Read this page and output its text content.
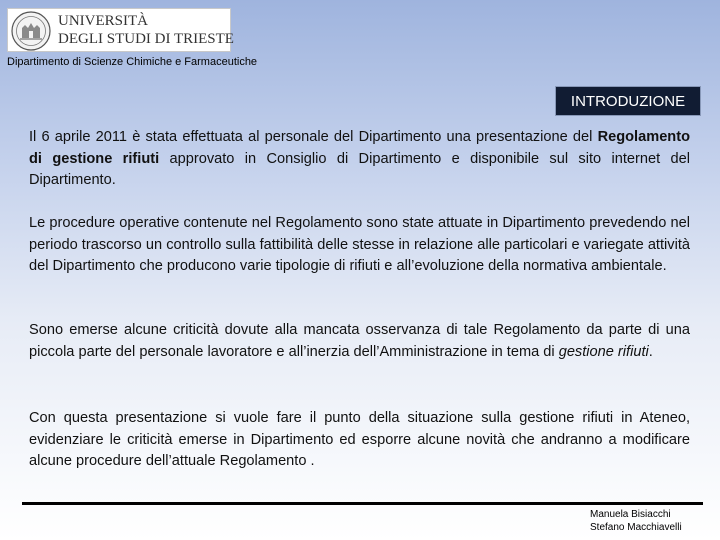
UNIVERSITÀ
DEGLI STUDI DI TRIESTE
Dipartimento di Scienze Chimiche e Farmaceutiche
INTRODUZIONE

Il 6 aprile 2011 è stata effettuata al personale del Dipartimento una presentazione del Regolamento di gestione rifiuti approvato in Consiglio di Dipartimento e disponibile sul sito internet del Dipartimento.

Le procedure operative contenute nel Regolamento sono state attuate in Dipartimento prevedendo nel periodo trascorso un controllo sulla fattibilità delle stesse in relazione alle particolari e variegate attività del Dipartimento che producono varie tipologie di rifiuti e all’evoluzione della normativa ambientale.

Sono emerse alcune criticità dovute alla mancata osservanza di tale Regolamento da parte di una piccola parte del personale lavoratore e all’inerzia dell’Amministrazione in tema di gestione rifiuti.

Con questa presentazione si vuole fare il punto della situazione sulla gestione rifiuti in Ateneo, evidenziare le criticità emerse in Dipartimento ed esporre alcune novità che andranno a modificare alcune procedure dell’attuale Regolamento .

Manuela Bisiacchi
Stefano Macchiavelli
